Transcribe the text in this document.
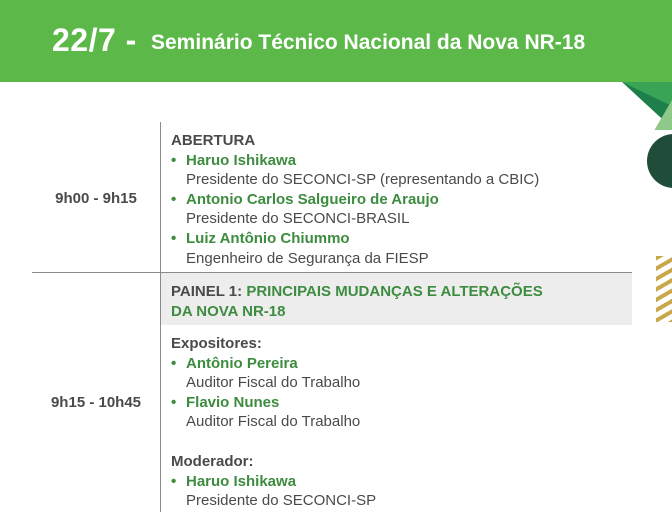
22/7 - Seminário Técnico Nacional da Nova NR-18
9h00 - 9h15
ABERTURA
• Haruo Ishikawa
Presidente do SECONCI-SP (representando a CBIC)
• Antonio Carlos Salgueiro de Araujo
Presidente do SECONCI-BRASIL
• Luiz Antônio Chiummo
Engenheiro de Segurança da FIESP
9h15 - 10h45
PAINEL 1: PRINCIPAIS MUDANÇAS E ALTERAÇÕES
DA NOVA NR-18
Expositores:
• Antônio Pereira
Auditor Fiscal do Trabalho
• Flavio Nunes
Auditor Fiscal do Trabalho
Moderador:
• Haruo Ishikawa
Presidente do SECONCI-SP
